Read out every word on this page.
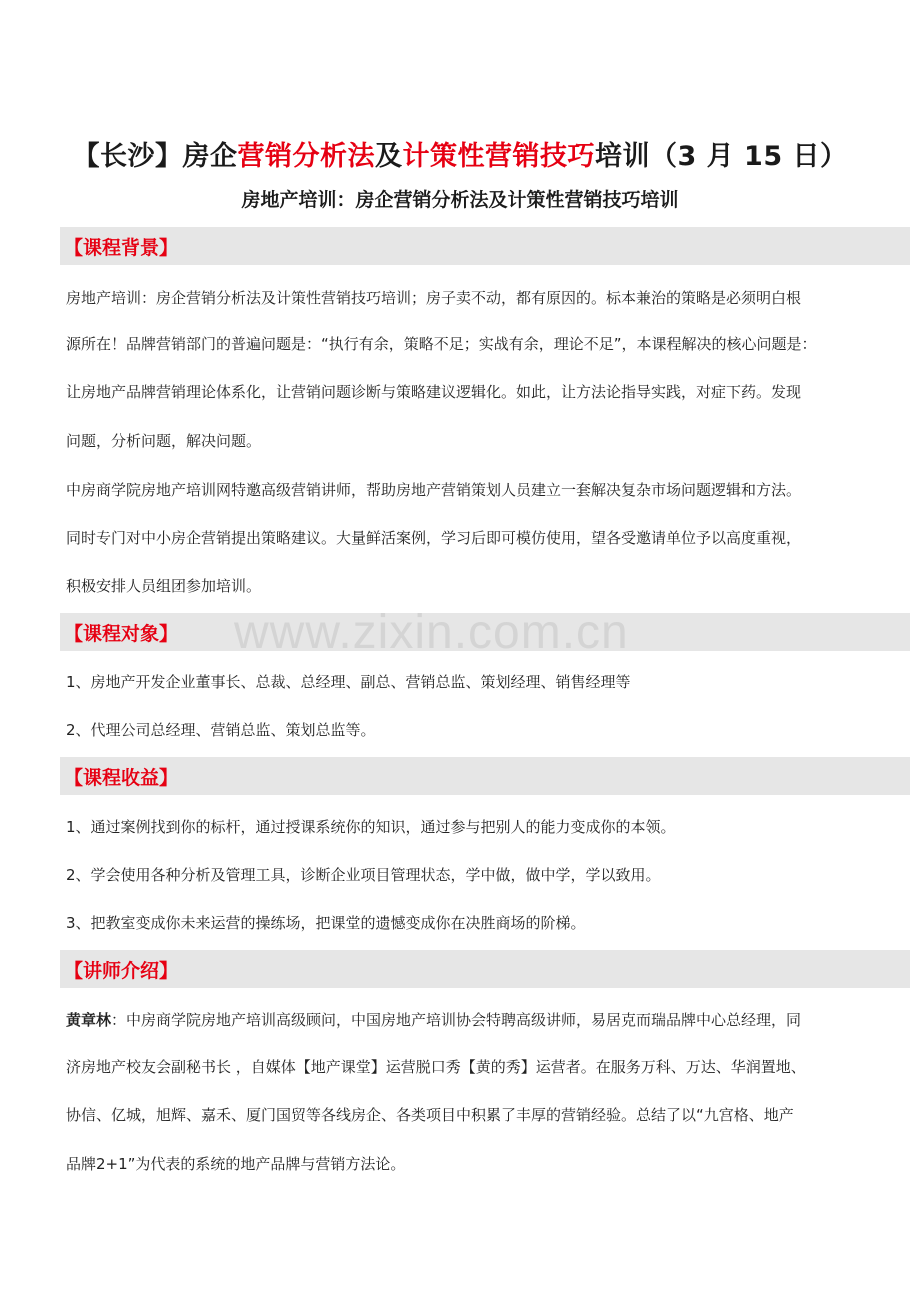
【长沙】房企营销分析法及计策性营销技巧培训（3 月 15 日）
房地产培训：房企营销分析法及计策性营销技巧培训
【课程背景】
房地产培训：房企营销分析法及计策性营销技巧培训；房子卖不动，都有原因的。标本兼治的策略是必须明白根
源所在！品牌营销部门的普遍问题是：“执行有余，策略不足；实战有余，理论不足”，本课程解决的核心问题是：
让房地产品牌营销理论体系化，让营销问题诊断与策略建议逻辑化。如此，让方法论指导实践，对症下药。发现
问题，分析问题，解决问题。
中房商学院房地产培训网特邀高级营销讲师，帮助房地产营销策划人员建立一套解决复杂市场问题逻辑和方法。
同时专门对中小房企营销提出策略建议。大量鲜活案例，学习后即可模仿使用，望各受邀请单位予以高度重视，
积极安排人员组团参加培训。
【课程对象】
1、房地产开发企业董事长、总裁、总经理、副总、营销总监、策划经理、销售经理等
2、代理公司总经理、营销总监、策划总监等。
【课程收益】
1、通过案例找到你的标杆，通过授课系统你的知识，通过参与把别人的能力变成你的本领。
2、学会使用各种分析及管理工具，诊断企业项目管理状态，学中做，做中学，学以致用。
3、把教室变成你未来运营的操练场，把课堂的遗憾变成你在决胜商场的阶梯。
【讲师介绍】
黄章林：中房商学院房地产培训高级顾问，中国房地产培训协会特聘高级讲师，易居克而瑞品牌中心总经理，同
济房地产校友会副秘书长 ，自媒体【地产课堂】运营脱口秀【黄的秀】运营者。在服务万科、万达、华润置地、
协信、亿城，旭辉、嘉禾、厦门国贸等各线房企、各类项目中积累了丰厚的营销经验。总结了以“九宫格、地产
品牌2+1”为代表的系统的地产品牌与营销方法论。
www.zixin.com.cn
